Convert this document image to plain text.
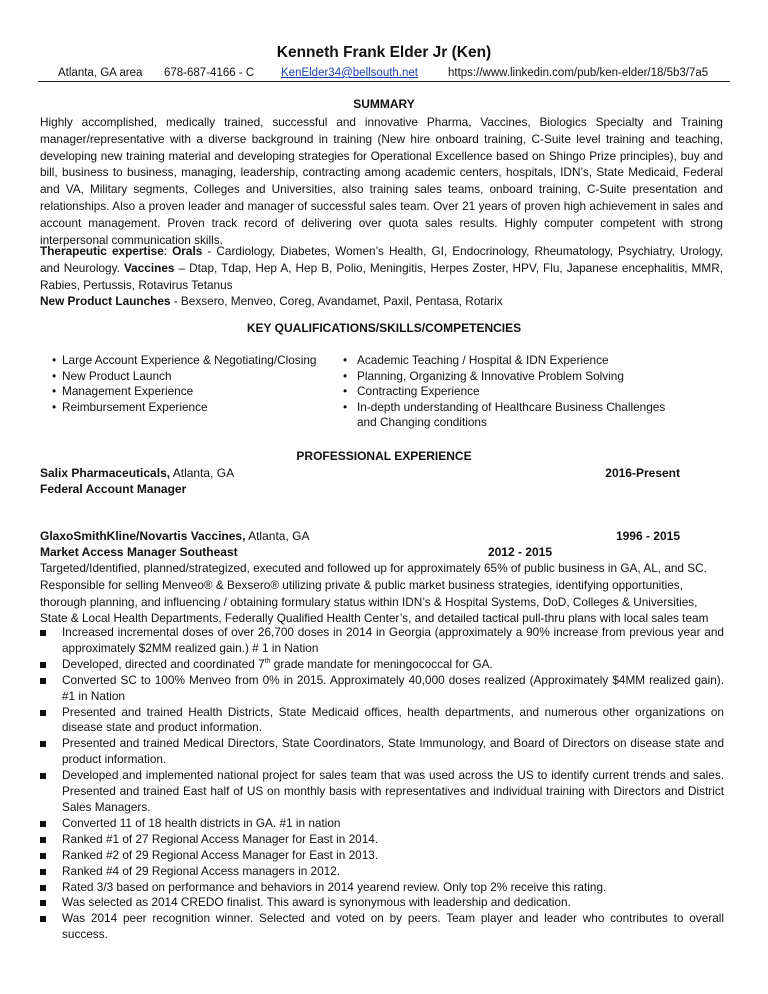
Kenneth Frank Elder Jr (Ken)
Atlanta, GA area 678-687-4166 - C KenElder34@bellsouth.net	https://www.linkedin.com/pub/ken-elder/18/5b3/7a5
SUMMARY

Highly accomplished, medically trained, successful and innovative Pharma, Vaccines, Biologics Specialty and Training manager/representative with a diverse background in training (New hire onboard training, C-Suite level training and teaching, developing new training material and developing strategies for Operational Excellence based on Shingo Prize principles), buy and bill, business to business, managing, leadership, contracting among academic centers, hospitals, IDN’s, State Medicaid, Federal and VA, Military segments, Colleges and Universities, also training sales teams, onboard training, C-Suite presentation and relationships. Also a proven leader and manager of successful sales team. Over 21 years of proven high achievement in sales and account management. Proven track record of delivering over quota sales results. Highly computer competent with strong interpersonal communication skills.

Therapeutic expertise: Orals - Cardiology, Diabetes, Women’s Health, GI, Endocrinology, Rheumatology, Psychiatry, Urology, and Neurology. Vaccines – Dtap, Tdap, Hep A, Hep B, Polio, Meningitis, Herpes Zoster, HPV, Flu, Japanese encephalitis, MMR, Rabies, Pertussis, Rotavirus Tetanus
New Product Launches - Bexsero, Menveo, Coreg, Avandamet, Paxil, Pentasa, Rotarix

KEY QUALIFICATIONS/SKILLS/COMPETENCIES
• Large Account Experience & Negotiating/Closing
• New Product Launch
• Management Experience
• Reimbursement Experience
• Academic Teaching / Hospital & IDN Experience
• Planning, Organizing & Innovative Problem Solving
• Contracting Experience
• In-depth understanding of Healthcare Business Challenges and Changing conditions
PROFESSIONAL EXPERIENCE
Salix Pharmaceuticals, Atlanta, GA	2016-Present
Federal Account Manager
GlaxoSmithKline/Novartis Vaccines, Atlanta, GA	1996 - 2015
Market Access Manager Southeast	2012 - 2015
Targeted/Identified, planned/strategized, executed and followed up for approximately 65% of public business in GA, AL, and SC.
Responsible for selling Menveo® & Bexsero® utilizing private & public market business strategies, identifying opportunities,
thorough planning, and influencing / obtaining formulary status within IDN’s & Hospital Systems, DoD, Colleges & Universities,
State & Local Health Departments, Federally Qualified Health Center’s, and detailed tactical pull-thru plans with local sales team
Increased incremental doses of over 26,700 doses in 2014 in Georgia (approximately a 90% increase from previous year and approximately $2MM realized gain.) # 1 in Nation
Developed, directed and coordinated 7th grade mandate for meningococcal for GA.
Converted SC to 100% Menveo from 0% in 2015. Approximately 40,000 doses realized (Approximately $4MM realized gain). #1 in Nation
Presented and trained Health Districts, State Medicaid offices, health departments, and numerous other organizations on disease state and product information.
Presented and trained Medical Directors, State Coordinators, State Immunology, and Board of Directors on disease state and product information.
Developed and implemented national project for sales team that was used across the US to identify current trends and sales. Presented and trained East half of US on monthly basis with representatives and individual training with Directors and District Sales Managers.
Converted 11 of 18 health districts in GA. #1 in nation
Ranked #1 of 27 Regional Access Manager for East in 2014.
Ranked #2 of 29 Regional Access Manager for East in 2013.
Ranked #4 of 29 Regional Access managers in 2012.
Rated 3/3 based on performance and behaviors in 2014 yearend review. Only top 2% receive this rating.
Was selected as 2014 CREDO finalist. This award is synonymous with leadership and dedication.
Was 2014 peer recognition winner. Selected and voted on by peers. Team player and leader who contributes to overall success.
